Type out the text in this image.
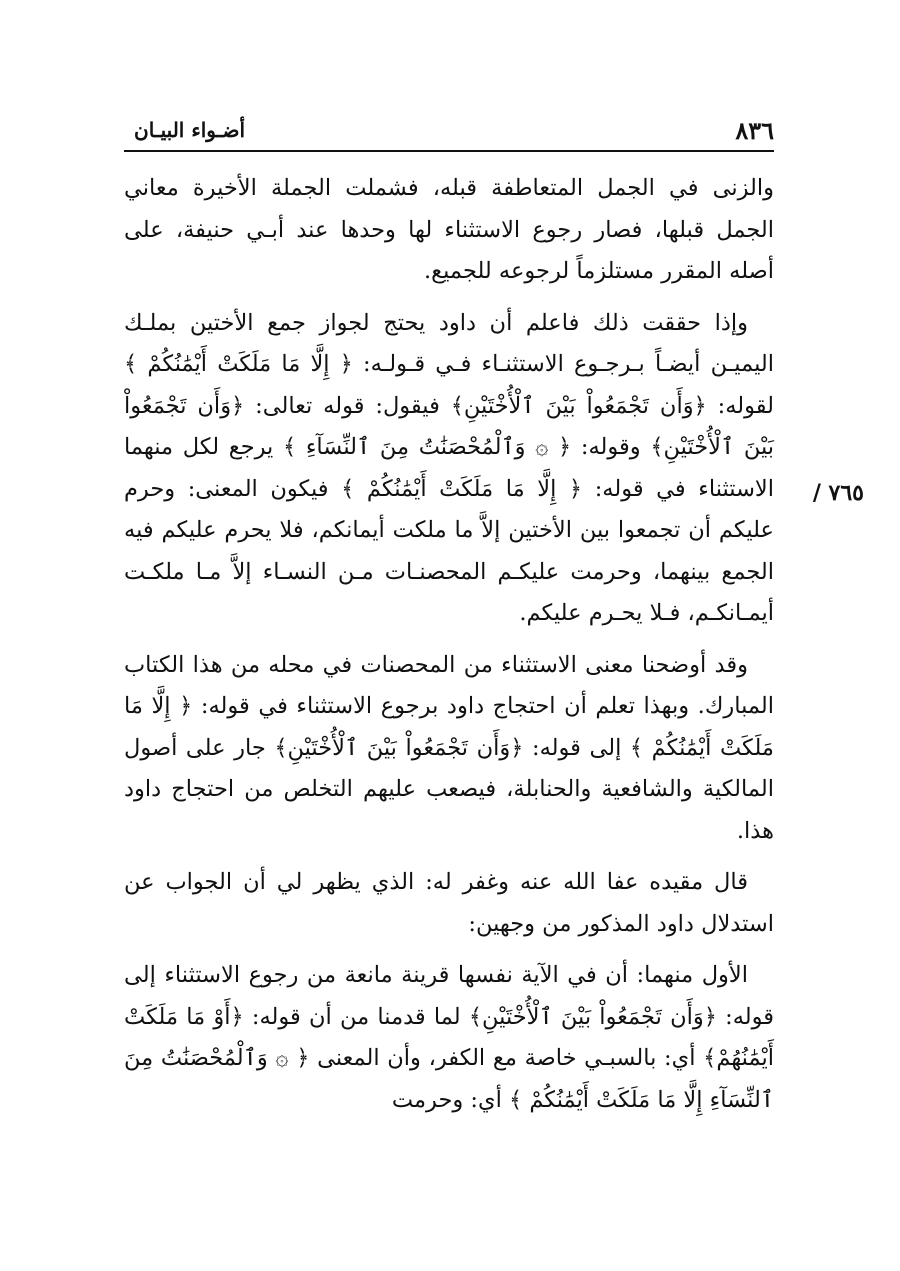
٨٣٦
أضـواء البيـان
٧٦٥ /

والزنى في الجمل المتعاطفة قبله، فشملت الجملة الأخيرة معاني الجمل قبلها، فصار رجوع الاستثناء لها وحدها عند أبـي حنيفة، على أصله المقرر مستلزماً لرجوعه للجميع.

وإذا حققت ذلك فاعلم أن داود يحتج لجواز جمع الأختين بملـك اليميـن أيضـاً بـرجـوع الاستثنـاء فـي قـولـه: ﴿ إِلَّا مَا مَلَكَتْ أَيْمَٰنُكُمْ ﴾ لقوله: ﴿وَأَن تَجْمَعُواْ بَيْنَ ٱلْأُخْتَيْنِ﴾ فيقول: قوله تعالى: ﴿وَأَن تَجْمَعُواْ بَيْنَ ٱلْأُخْتَيْنِ﴾ وقوله: ﴿ ۞ وَٱلْمُحْصَنَٰتُ مِنَ ٱلنِّسَآءِ ﴾ يرجع لكل منهما الاستثناء في قوله: ﴿ إِلَّا مَا مَلَكَتْ أَيْمَٰنُكُمْ ﴾ فيكون المعنى: وحرم عليكم أن تجمعوا بين الأختين إلاَّ ما ملكت أيمانكم، فلا يحرم عليكم فيه الجمع بينهما، وحرمت عليكـم المحصنـات مـن النسـاء إلاَّ مـا ملكـت أيمـانكـم، فـلا يحـرم عليكم.

وقد أوضحنا معنى الاستثناء من المحصنات في محله من هذا الكتاب المبارك. وبهذا تعلم أن احتجاج داود برجوع الاستثناء في قوله: ﴿ إِلَّا مَا مَلَكَتْ أَيْمَٰنُكُمْ ﴾ إلى قوله: ﴿وَأَن تَجْمَعُواْ بَيْنَ ٱلْأُخْتَيْنِ﴾ جار على أصول المالكية والشافعية والحنابلة، فيصعب عليهم التخلص من احتجاج داود هذا.

قال مقيده عفا الله عنه وغفر له: الذي يظهر لي أن الجواب عن استدلال داود المذكور من وجهين:

الأول منهما: أن في الآية نفسها قرينة مانعة من رجوع الاستثناء إلى قوله: ﴿وَأَن تَجْمَعُواْ بَيْنَ ٱلْأُخْتَيْنِ﴾ لما قدمنا من أن قوله: ﴿أَوْ مَا مَلَكَتْ أَيْمَٰنُهُمْ﴾ أي: بالسبـي خاصة مع الكفر، وأن المعنى ﴿ ۞ وَٱلْمُحْصَنَٰتُ مِنَ ٱلنِّسَآءِ إِلَّا مَا مَلَكَتْ أَيْمَٰنُكُمْ ﴾ أي: وحرمت
